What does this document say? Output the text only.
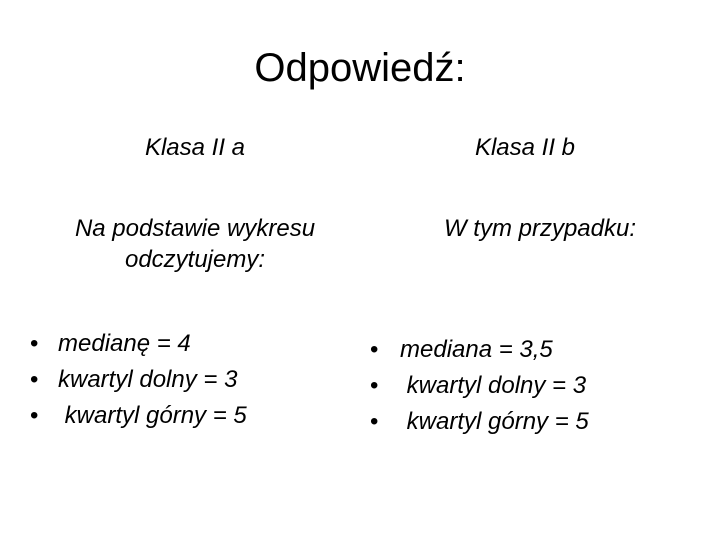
Odpowiedź:
Klasa II a	Klasa II b
Na podstawie wykresu odczytujemy:
W tym przypadku:
• medianę = 4
• kwartyl dolny = 3
• kwartyl górny = 5
• mediana = 3,5
• kwartyl dolny = 3
• kwartyl górny = 5
